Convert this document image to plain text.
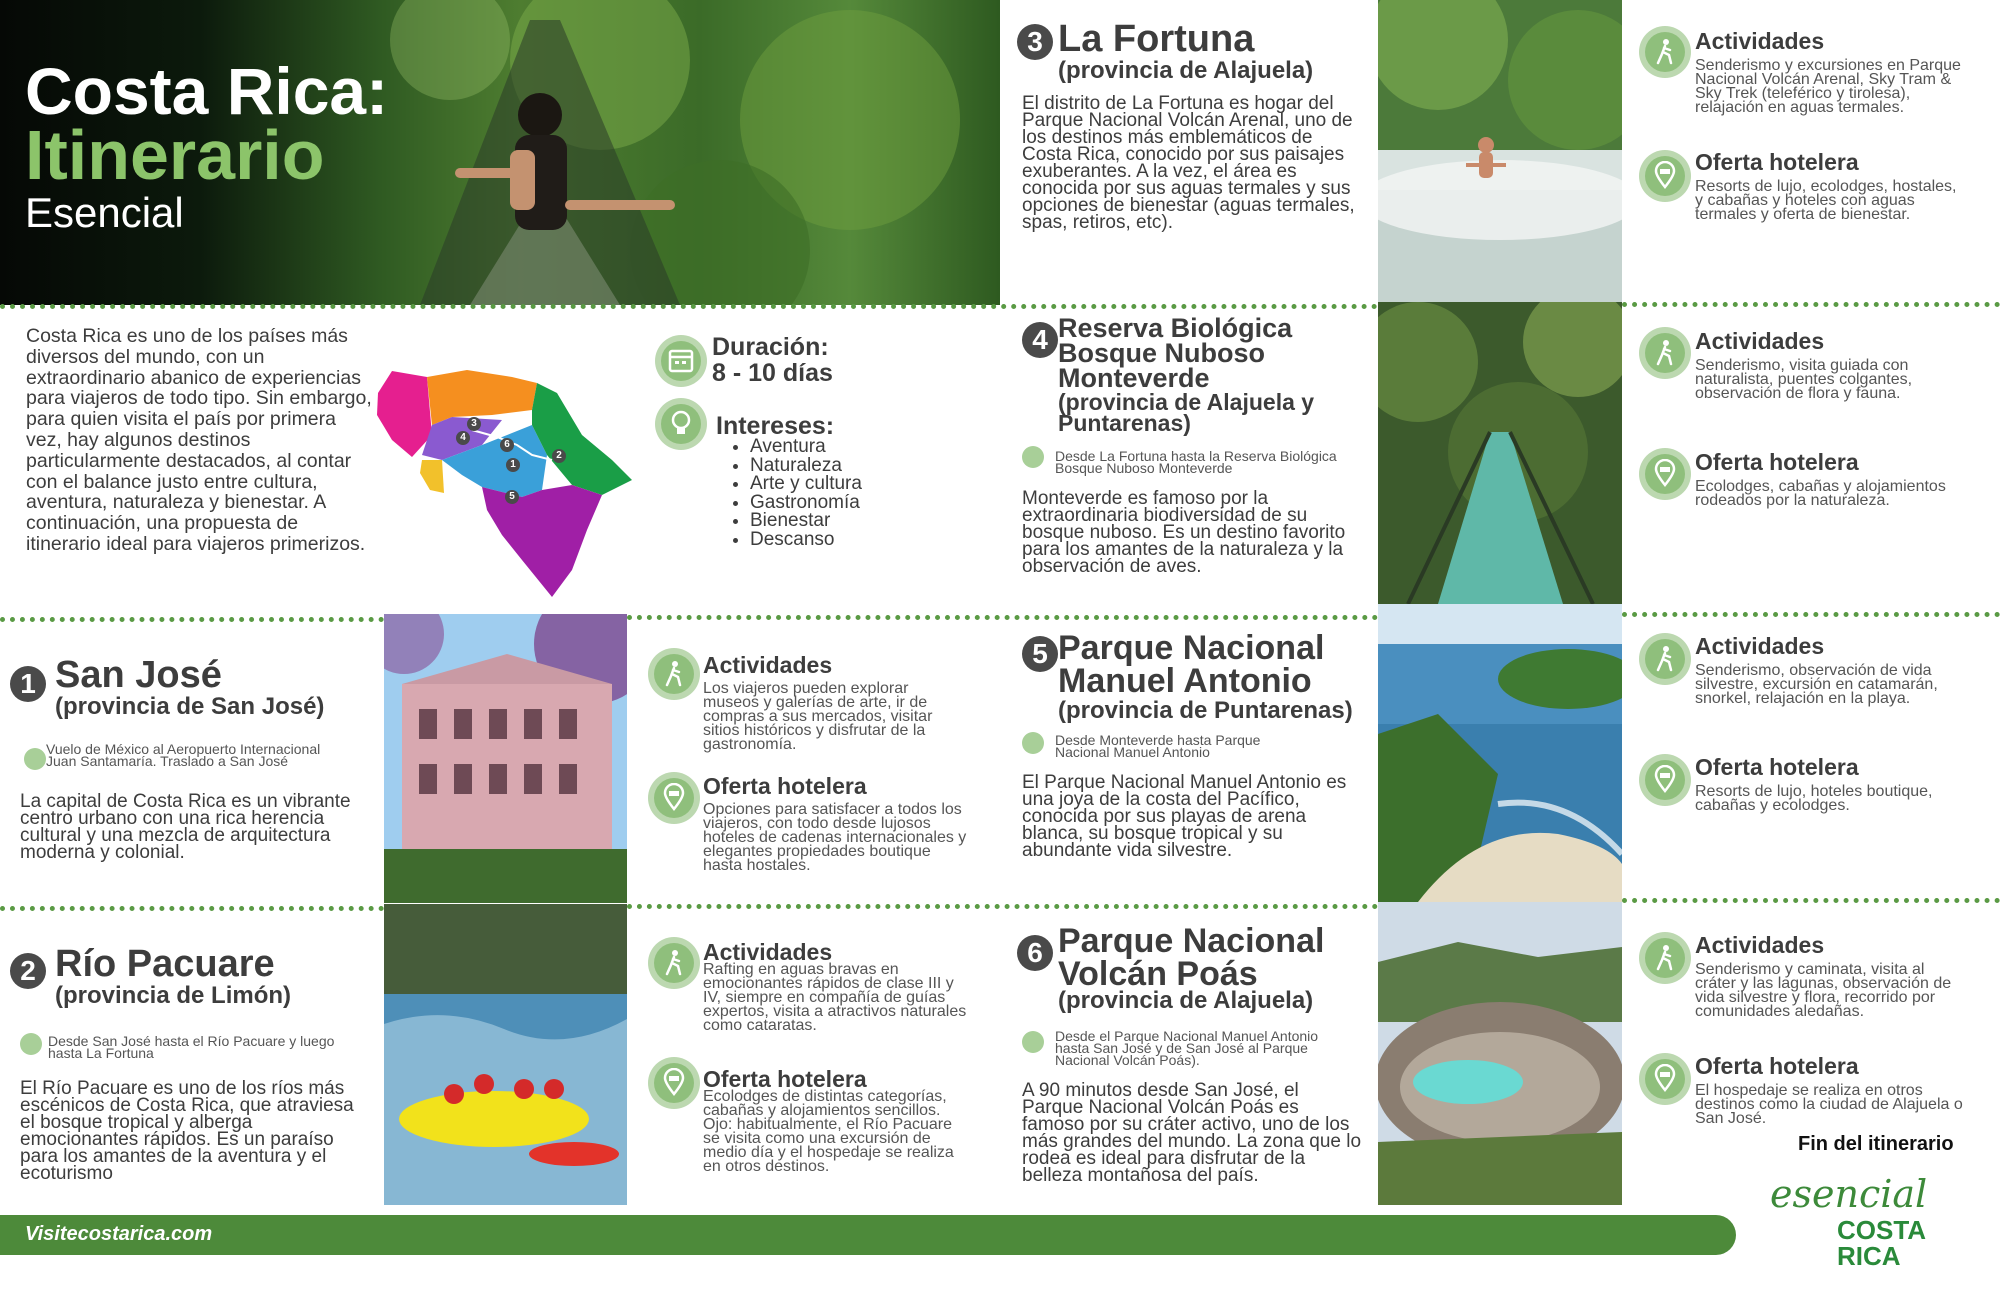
Costa Rica:
Itinerario
Esencial
Costa Rica es uno de los países más diversos del mundo, con un extraordinario abanico de experiencias para viajeros de todo tipo. Sin embargo, para quien visita el país por primera vez, hay algunos destinos particularmente destacados, al contar con el balance justo entre cultura, aventura, naturaleza y bienestar. A continuación, una propuesta de itinerario ideal para viajeros primerizos.
3
4
6
1
2
5
Duración:
8 - 10 días
Intereses:
• Aventura
• Naturaleza
• Arte y cultura
• Gastronomía
• Bienestar
• Descanso
1 San José
(provincia de San José)
Vuelo de México al Aeropuerto Internacional Juan Santamaría. Traslado a San José
La capital de Costa Rica es un vibrante centro urbano con una rica herencia cultural y una mezcla de arquitectura moderna y colonial.
Actividades
Los viajeros pueden explorar museos y galerías de arte, ir de compras a sus mercados, visitar sitios históricos y disfrutar de la gastronomía.
Oferta hotelera
Opciones para satisfacer a todos los viajeros, con todo desde lujosos hoteles de cadenas internacionales y elegantes propiedades boutique hasta hostales.
2 Río Pacuare
(provincia de Limón)
Desde San José hasta el Río Pacuare y luego hasta La Fortuna
El Río Pacuare es uno de los ríos más escénicos de Costa Rica, que atraviesa el bosque tropical y alberga emocionantes rápidos. Es un paraíso para los amantes de la aventura y el ecoturismo
Actividades
Rafting en aguas bravas en emocionantes rápidos de clase III y IV, siempre en compañía de guías expertos, visita a atractivos naturales como cataratas.
Oferta hotelera
Ecolodges de distintas categorías, cabañas y alojamientos sencillos. Ojo: habitualmente, el Río Pacuare se visita como una excursión de medio día y el hospedaje se realiza en otros destinos.
3 La Fortuna
(provincia de Alajuela)
El distrito de La Fortuna es hogar del Parque Nacional Volcán Arenal, uno de los destinos más emblemáticos de Costa Rica, conocido por sus paisajes exuberantes. A la vez, el área es conocida por sus aguas termales y sus opciones de bienestar (aguas termales, spas, retiros, etc).
Actividades
Senderismo y excursiones en Parque Nacional Volcán Arenal, Sky Tram & Sky Trek (teleférico y tirolesa), relajación en aguas termales.
Oferta hotelera
Resorts de lujo, ecolodges, hostales, y cabañas y hoteles con aguas termales y oferta de bienestar.
4 Reserva Biológica Bosque Nuboso Monteverde
(provincia de Alajuela y Puntarenas)
Desde La Fortuna hasta la Reserva Biológica Bosque Nuboso Monteverde
Monteverde es famoso por la extraordinaria biodiversidad de su bosque nuboso. Es un destino favorito para los amantes de la naturaleza y la observación de aves.
Actividades
Senderismo, visita guiada con naturalista, puentes colgantes, observación de flora y fauna.
Oferta hotelera
Ecolodges, cabañas y alojamientos rodeados por la naturaleza.
5 Parque Nacional Manuel Antonio
(provincia de Puntarenas)
Desde Monteverde hasta Parque Nacional Manuel Antonio
El Parque Nacional Manuel Antonio es una joya de la costa del Pacífico, conocida por sus playas de arena blanca, su bosque tropical y su abundante vida silvestre.
Actividades
Senderismo, observación de vida silvestre, excursión en catamarán, snorkel, relajación en la playa.
Oferta hotelera
Resorts de lujo, hoteles boutique, cabañas y ecolodges.
6 Parque Nacional Volcán Poás
(provincia de Alajuela)
Desde el Parque Nacional Manuel Antonio hasta San José y de San José al Parque Nacional Volcán Poás).
A 90 minutos desde San José, el Parque Nacional Volcán Poás es famoso por su cráter activo, uno de los más grandes del mundo. La zona que lo rodea es ideal para disfrutar de la belleza montañosa del país.
Actividades
Senderismo y caminata, visita al cráter y las lagunas, observación de vida silvestre y flora, recorrido por comunidades aledañas.
Oferta hotelera
El hospedaje se realiza en otros destinos como la ciudad de Alajuela o San José.
Fin del itinerario
Visitecostarica.com
esencial
COSTA
RICA
